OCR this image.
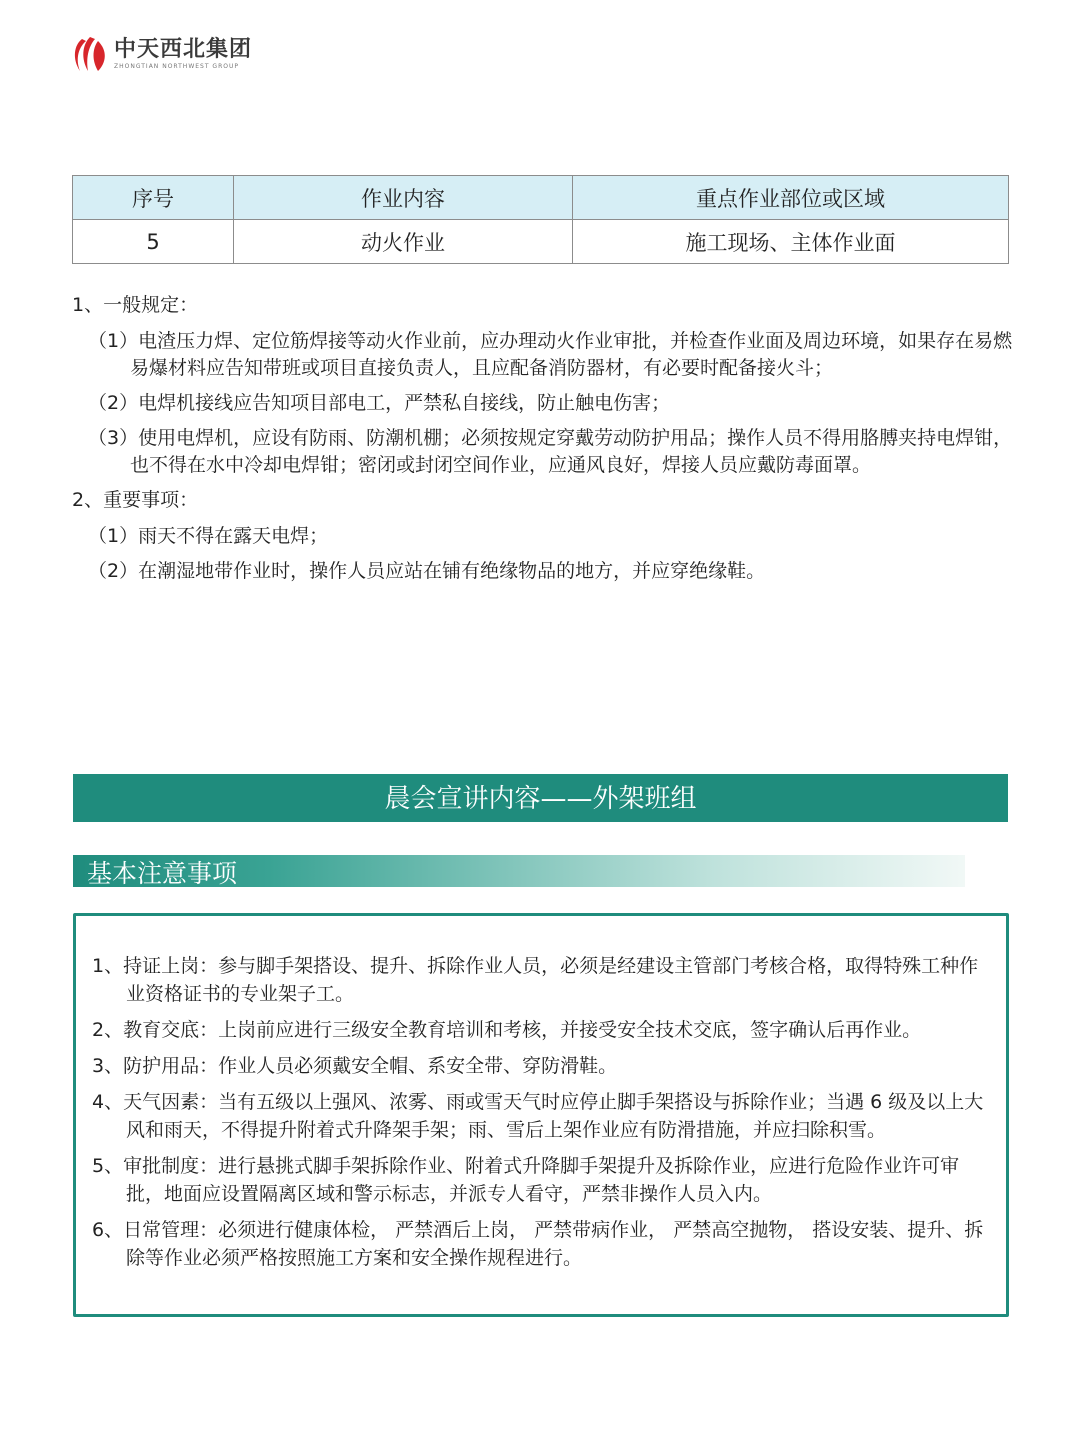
中天西北集团
ZHONGTIAN NORTHWEST GROUP
序号	作业内容	重点作业部位或区域
5	动火作业	施工现场、主体作业面

1、一般规定：

（1）电渣压力焊、定位筋焊接等动火作业前，应办理动火作业审批，并检查作业面及周边环境，如果存在易燃易爆材料应告知带班或项目直接负责人，且应配备消防器材，有必要时配备接火斗；

（2）电焊机接线应告知项目部电工，严禁私自接线，防止触电伤害；

（3）使用电焊机，应设有防雨、防潮机棚；必须按规定穿戴劳动防护用品；操作人员不得用胳膊夹持电焊钳，也不得在水中冷却电焊钳；密闭或封闭空间作业，应通风良好，焊接人员应戴防毒面罩。

2、重要事项：

（1）雨天不得在露天电焊；

（2）在潮湿地带作业时，操作人员应站在铺有绝缘物品的地方，并应穿绝缘鞋。

晨会宣讲内容——外架班组
基本注意事项

1、持证上岗：参与脚手架搭设、提升、拆除作业人员，必须是经建设主管部门考核合格，取得特殊工种作业资格证书的专业架子工。

2、教育交底：上岗前应进行三级安全教育培训和考核，并接受安全技术交底，签字确认后再作业。

3、防护用品：作业人员必须戴安全帽、系安全带、穿防滑鞋。

4、天气因素：当有五级以上强风、浓雾、雨或雪天气时应停止脚手架搭设与拆除作业；当遇 6 级及以上大风和雨天，不得提升附着式升降架手架；雨、雪后上架作业应有防滑措施，并应扫除积雪。

5、审批制度：进行悬挑式脚手架拆除作业、附着式升降脚手架提升及拆除作业，应进行危险作业许可审批，地面应设置隔离区域和警示标志，并派专人看守，严禁非操作人员入内。

6、日常管理：必须进行健康体检， 严禁酒后上岗， 严禁带病作业， 严禁高空抛物， 搭设安装、提升、拆除等作业必须严格按照施工方案和安全操作规程进行。
